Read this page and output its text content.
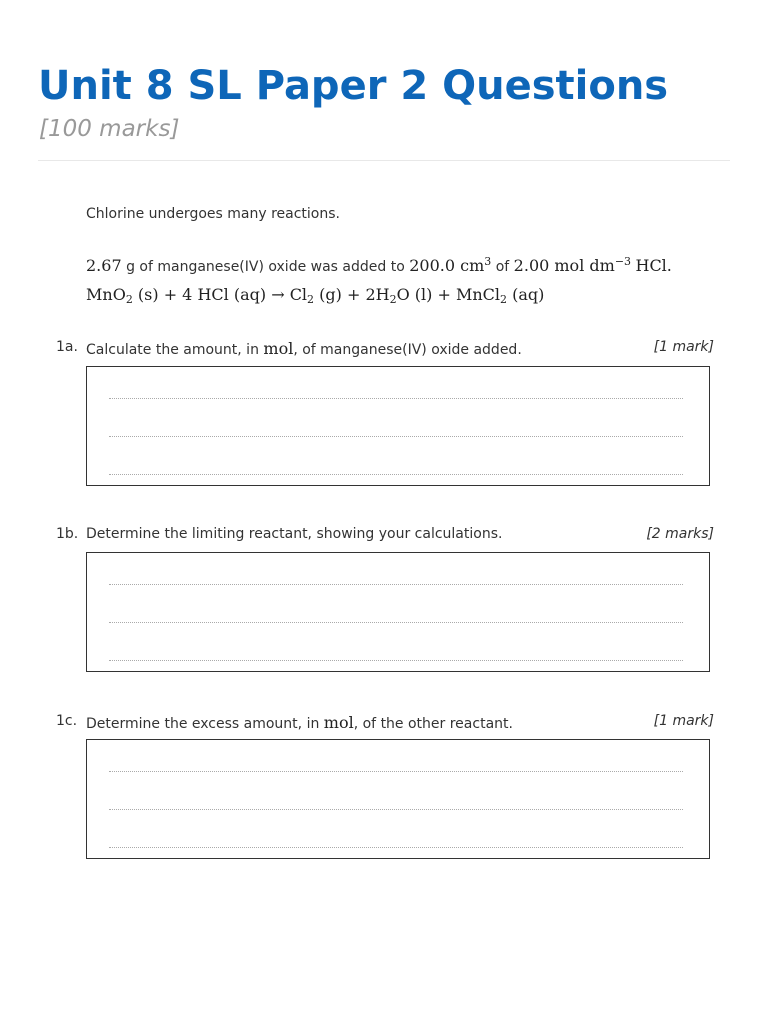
Unit 8 SL Paper 2 Questions
[100 marks]
Chlorine undergoes many reactions.
2.67 g of manganese(IV) oxide was added to 200.0 $cm^3$ of 2.00 mol $dm^{-3}$ HCl.
MnO$_2$ (s) + 4 HCl $(aq) \to Cl_2$ $(g) + 2H_2O$ (l) + MnCl$_2$ (aq)
1a. Calculate the amount, in mol, of manganese(IV) oxide added.	[1 mark]
1b. Determine the limiting reactant, showing your calculations.	[2 marks]
1c. Determine the excess amount, in mol, of the other reactant.	[1 mark]
